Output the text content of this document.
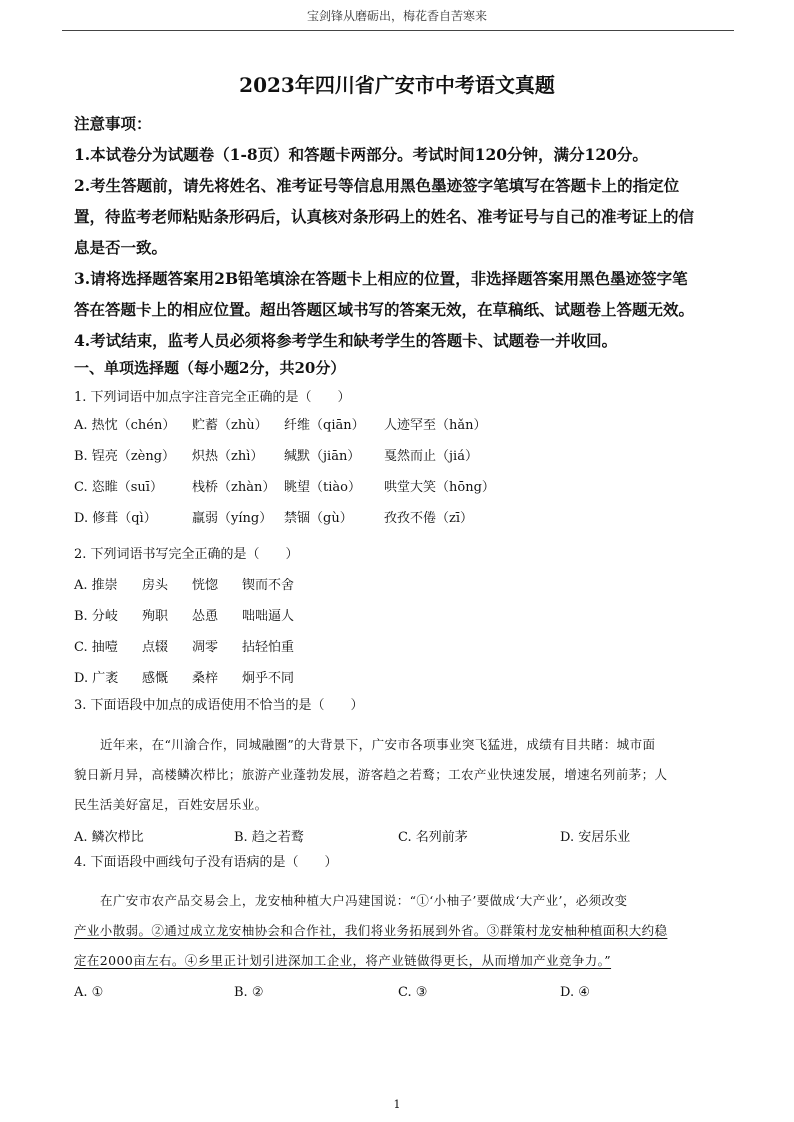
宝剑锋从磨砺出，梅花香自苦寒来
2023年四川省广安市中考语文真题
注意事项：
1.本试卷分为试题卷（1-8页）和答题卡两部分。考试时间120分钟，满分120分。
2.考生答题前，请先将姓名、准考证号等信息用黑色墨迹签字笔填写在答题卡上的指定位
置，待监考老师粘贴条形码后，认真核对条形码上的姓名、准考证号与自己的准考证上的信
息是否一致。
3.请将选择题答案用2B铅笔填涂在答题卡上相应的位置，非选择题答案用黑色墨迹签字笔
答在答题卡上的相应位置。超出答题区域书写的答案无效，在草稿纸、试题卷上答题无效。
4.考试结束，监考人员必须将参考学生和缺考学生的答题卡、试题卷一并收回。
一、单项选择题（每小题2分，共20分）
1. 下列词语中加点字注音完全正确的是（　　）
A. 热忱（chén） 贮蓄（zhù） 纤维（qiān） 人迹罕至（hǎn）
B. 锃亮（zèng） 炽热（zhì） 缄默（jiān） 戛然而止（jiá）
C. 恣睢（suī） 栈桥（zhàn） 眺望（tiào） 哄堂大笑（hōng）
D. 修葺（qì）	羸弱（yíng） 禁锢（gù） 孜孜不倦（zī）
2. 下列词语书写完全正确的是（　　）
A. 推崇 房头 恍惚 锲而不舍
B. 分岐 殉职 怂恿 咄咄逼人
C. 抽噎 点辍 凋零 拈轻怕重
D. 广袤 感慨 桑梓 炯乎不同
3. 下面语段中加点的成语使用不恰当的是（　　）
近年来，在“川渝合作，同城融圈”的大背景下，广安市各项事业突飞猛进，成绩有目共睹：城市面
貌日新月异，高楼鳞次栉比；旅游产业蓬勃发展，游客趋之若鹜；工农产业快速发展，增速名列前茅；人
民生活美好富足，百姓安居乐业。
A. 鳞次栉比	B. 趋之若鹜	C. 名列前茅	D. 安居乐业
4. 下面语段中画线句子没有语病的是（　　）
在广安市农产品交易会上，龙安柚种植大户冯建国说：“①‘小柚子’要做成‘大产业’，必须改变
产业小散弱。②通过成立龙安柚协会和合作社，我们将业务拓展到外省。③群策村龙安柚种植面积大约稳
定在2000亩左右。④乡里正计划引进深加工企业，将产业链做得更长，从而增加产业竞争力。”
A. ①	B. ②	C. ③	D. ④
1
